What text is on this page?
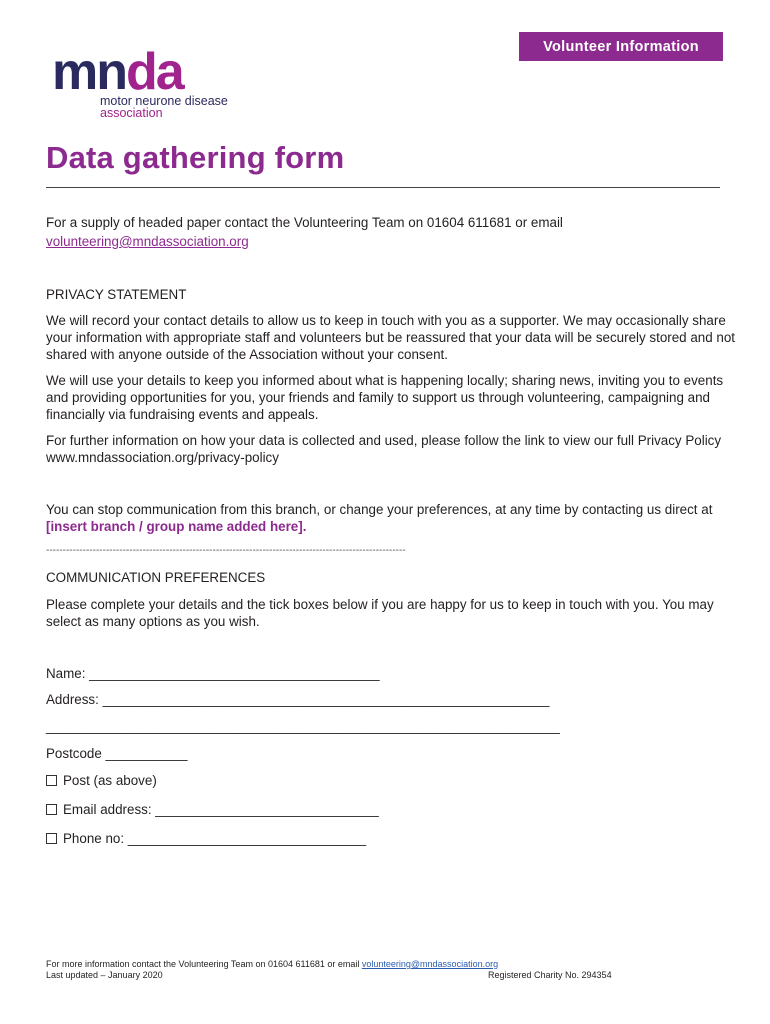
Volunteer Information
mnda
motor neurone disease
association
Data gathering form

For a supply of headed paper contact the Volunteering Team on 01604 611681 or email

volunteering@mndassociation.org

PRIVACY STATEMENT

We will record your contact details to allow us to keep in touch with you as a supporter. We may occasionally share your information with appropriate staff and volunteers but be reassured that your data will be securely stored and not shared with anyone outside of the Association without your consent.

We will use your details to keep you informed about what is happening locally; sharing news, inviting you to events and providing opportunities for you, your friends and family to support us through volunteering, campaigning and financially via fundraising events and appeals.

For further information on how your data is collected and used, please follow the link to view our full Privacy Policy www.mndassociation.org/privacy-policy

You can stop communication from this branch, or change your preferences, at any time by contacting us direct at [insert branch / group name added here].

------------------------------------------------------------------------------------------------------------

COMMUNICATION PREFERENCES

Please complete your details and the tick boxes below if you are happy for us to keep in touch with you. You may select as many options as you wish.

Name: _______________________________________

Address: ____________________________________________________________

_____________________________________________________________________

Postcode ___________

Post (as above)

Email address: ______________________________

Phone no: ________________________________

For more information contact the Volunteering Team on 01604 611681 or email volunteering@mndassociation.org
Last updated – January 2020	Registered Charity No. 294354
